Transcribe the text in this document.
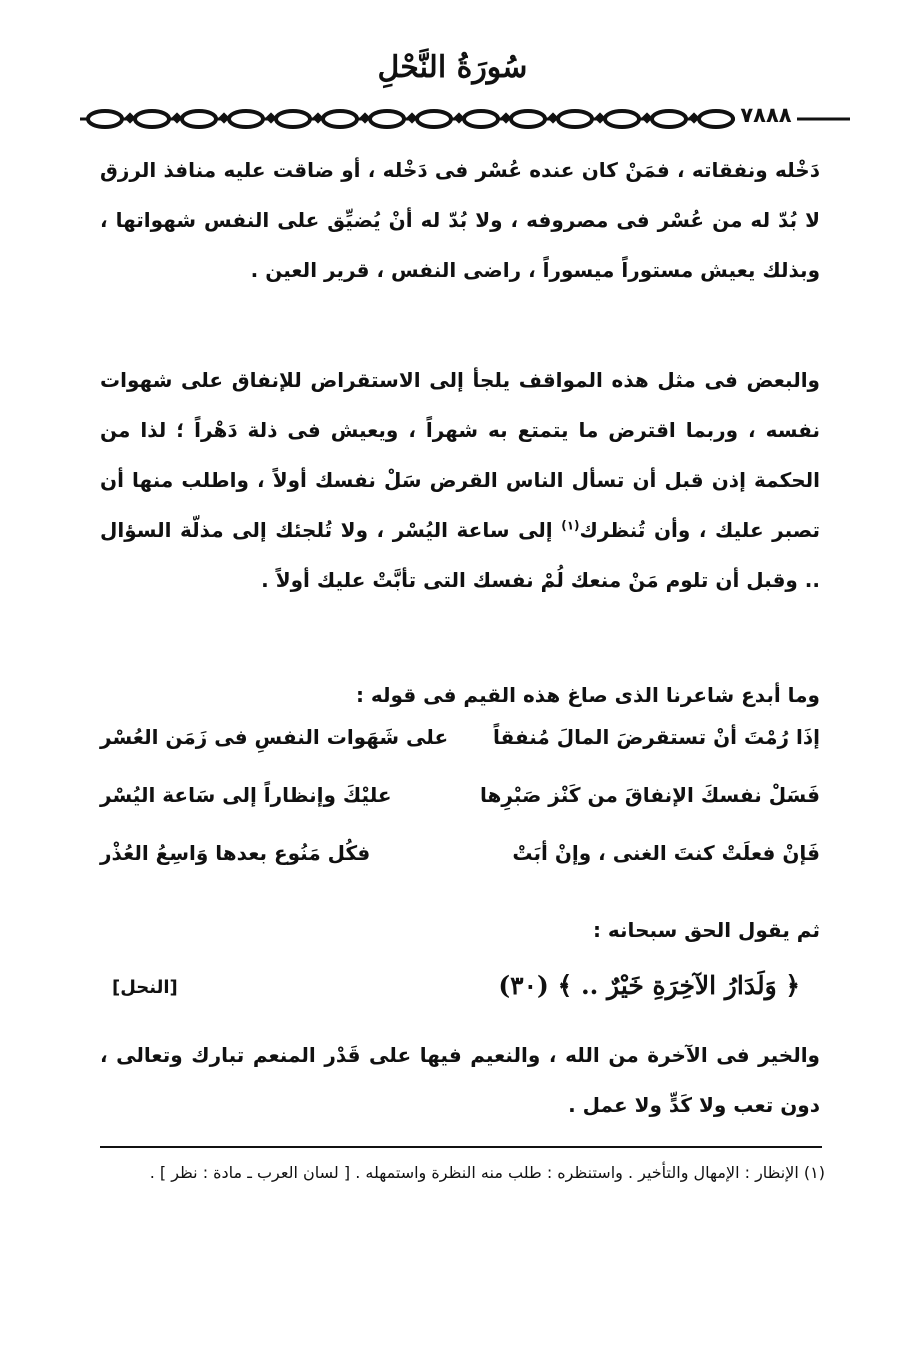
سُورَةُ النَّحْلِ
٧٨٨٨
دَخْله ونفقاته ، فمَنْ كان عنده عُسْر فى دَخْله ، أو ضاقت عليه منافذ الرزق لا بُدّ له من عُسْر فى مصروفه ، ولا بُدّ له أنْ يُضيِّق على النفس شهواتها ، وبذلك يعيش مستوراً ميسوراً ، راضى النفس ، قرير العين .
والبعض فى مثل هذه المواقف يلجأ إلى الاستقراض للإنفاق على شهوات نفسه ، وربما اقترض ما يتمتع به شهراً ، ويعيش فى ذلة دَهْراً ؛ لذا من الحكمة إذن قبل أن تسأل الناس القرض سَلْ نفسك أولاً ، واطلب منها أن تصبر عليك ، وأن تُنظرك$^{(١)}$ إلى ساعة اليُسْر ، ولا تُلجئك إلى مذلّة السؤال .. وقبل أن تلوم مَنْ منعك لُمْ نفسك التى تأبَّتْ عليك أولاً .
وما أبدع شاعرنا الذى صاغ هذه القيم فى قوله :
إذَا رُمْتَ أنْ تستقرضَ المالَ مُنفقاً
على شَهَوات النفسِ فى زَمَن العُسْر
فَسَلْ نفسكَ الإنفاقَ من كَنْز صَبْرِها
عليْكَ وإنظاراً إلى سَاعة اليُسْر
فَإنْ فعلَتْ كنتَ الغنى ، وإنْ أبَتْ
فكُل مَنُوع بعدها وَاسِعُ العُذْر
ثم يقول الحق سبحانه :
﴿ وَلَدَارُ الآخِرَةِ خَيْرٌ .. ﴾ (٣٠)
[النحل]
والخير فى الآخرة من الله ، والنعيم فيها على قَدْر المنعم تبارك وتعالى ، دون تعب ولا كَدٍّ ولا عمل .
(١) الإنظار : الإمهال والتأخير . واستنظره : طلب منه النظرة واستمهله . [ لسان العرب ـ مادة : نظر ] .
